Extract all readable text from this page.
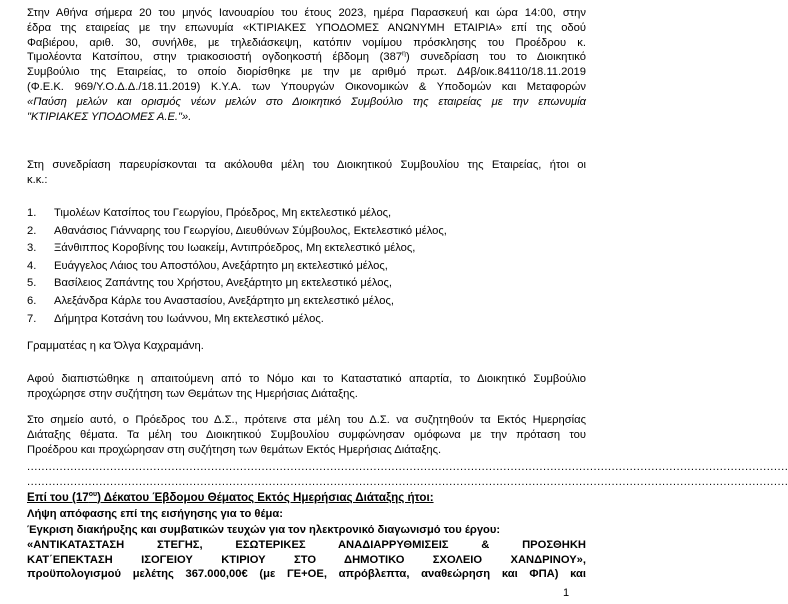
Στην Αθήνα σήμερα 20 του μηνός Ιανουαρίου του έτους 2023, ημέρα Παρασκευή και ώρα 14:00, στην
έδρα της εταιρείας με την επωνυμία «ΚΤΙΡΙΑΚΕΣ ΥΠΟΔΟΜΕΣ ΑΝΩΝΥΜΗ ΕΤΑΙΡΙΑ» επί της οδού
Φαβιέρου, αριθ. 30, συνήλθε, με τηλεδιάσκεψη, κατόπιν νομίμου πρόσκλησης του Προέδρου κ.
Τιμολέοντα Κατσίπου, στην τριακοσιοστή ογδοηκοστή έβδομη $(387^\eta)$ συνεδρίαση του το Διοικητικό
Συμβούλιο της Εταιρείας, το οποίο διορίσθηκε με την με αριθμό πρωτ. Δ4β/οικ.84110/18.11.2019
(Φ.Ε.Κ. 969/Υ.Ο.Δ.Δ./18.11.2019) Κ.Υ.Α. των Υπουργών Οικονομικών & Υποδομών και Μεταφορών
«Παύση μελών και ορισμός νέων μελών στο Διοικητικό Συμβούλιο της εταιρείας με την επωνυμία
"ΚΤΙΡΙΑΚΕΣ ΥΠΟΔΟΜΕΣ Α.Ε."».
Στη συνεδρίαση παρευρίσκονται τα ακόλουθα μέλη του Διοικητικού Συμβουλίου της Εταιρείας, ήτοι οι
κ.κ.:
1.	Τιμολέων Κατσίπος του Γεωργίου, Πρόεδρος, Μη εκτελεστικό μέλος,
2.	Αθανάσιος Γιάνναρης του Γεωργίου, Διευθύνων Σύμβουλος, Εκτελεστικό μέλος,
3.	Ξάνθιππος Κοροβίνης του Ιωακείμ, Αντιπρόεδρος, Μη εκτελεστικό μέλος,
4.	Ευάγγελος Λάιος του Αποστόλου, Ανεξάρτητο μη εκτελεστικό μέλος,
5.	Βασίλειος Ζαπάντης του Χρήστου, Ανεξάρτητο μη εκτελεστικό μέλος,
6.	Αλεξάνδρα Κάρλε του Αναστασίου, Ανεξάρτητο μη εκτελεστικό μέλος,
7.	Δήμητρα Κοτσάνη του Ιωάννου, Μη εκτελεστικό μέλος.
Γραμματέας η κα Όλγα Καχραμάνη.
Αφού διαπιστώθηκε η απαιτούμενη από το Νόμο και το Καταστατικό απαρτία, το Διοικητικό Συμβούλιο
προχώρησε στην συζήτηση των Θεμάτων της Ημερήσιας Διάταξης.
Στο σημείο αυτό, ο Πρόεδρος του Δ.Σ., πρότεινε στα μέλη του Δ.Σ. να συζητηθούν τα Εκτός Ημερησίας
Διάταξης θέματα. Τα μέλη του Διοικητικού Συμβουλίου συμφώνησαν ομόφωνα με την πρόταση του
Προέδρου και προχώρησαν στη συζήτηση των θεμάτων Εκτός Ημερήσιας Διάταξης.
...................................................................................................................................................................................................................
...................................................................................................................................................................................................................
Επί του $(17^{o\upsilon})$ Δέκατου Έβδομου Θέματος Εκτός Ημερήσιας Διάταξης ήτοι:
Λήψη απόφασης επί της εισήγησης για το θέμα:
Έγκριση διακήρυξης και συμβατικών τευχών για τον ηλεκτρονικό διαγωνισμό του έργου:
«ΑΝΤΙΚΑΤΑΣΤΑΣΗ ΣΤΕΓΗΣ, ΕΣΩΤΕΡΙΚΕΣ ΑΝΑΔΙΑΡΡΥΘΜΙΣΕΙΣ & ΠΡΟΣΘΗΚΗ
ΚΑΤ΄ΕΠΕΚΤΑΣΗ ΙΣΟΓΕΙΟΥ ΚΤΙΡΙΟΥ ΣΤΟ ΔΗΜΟΤΙΚΟ ΣΧΟΛΕΙΟ ΧΑΝΔΡΙΝΟΥ»,
προϋπολογισμού μελέτης 367.000,00€ (με ΓΕ+ΟΕ, απρόβλεπτα, αναθεώρηση και ΦΠΑ) και
1
